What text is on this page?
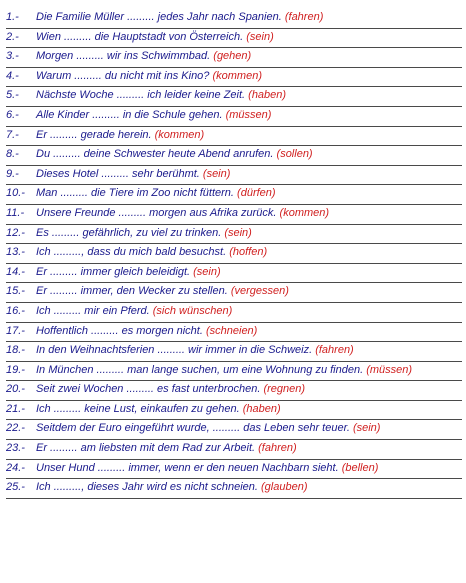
1.-	Die Familie Müller ......... jedes Jahr nach Spanien. (fahren)
2.-	Wien ......... die Hauptstadt von Österreich. (sein)
3.-	Morgen ......... wir ins Schwimmbad. (gehen)
4.-	Warum ......... du nicht mit ins Kino? (kommen)
5.-	Nächste Woche ......... ich leider keine Zeit. (haben)
6.-	Alle Kinder ......... in die Schule gehen. (müssen)
7.-	Er ......... gerade herein. (kommen)
8.-	Du ......... deine Schwester heute Abend anrufen. (sollen)
9.-	Dieses Hotel ......... sehr berühmt. (sein)
10.-	Man ......... die Tiere im Zoo nicht füttern. (dürfen)
11.-	Unsere Freunde ......... morgen aus Afrika zurück. (kommen)
12.-	Es ......... gefährlich, zu viel zu trinken. (sein)
13.-	Ich ........., dass du mich bald besuchst. (hoffen)
14.-	Er ......... immer gleich beleidigt. (sein)
15.-	Er ......... immer, den Wecker zu stellen. (vergessen)
16.-	Ich ......... mir ein Pferd. (sich wünschen)
17.-	Hoffentlich ......... es morgen nicht. (schneien)
18.-	In den Weihnachtsferien ......... wir immer in die Schweiz. (fahren)
19.-	In München ......... man lange suchen, um eine Wohnung zu finden. (müssen)
20.-	Seit zwei Wochen ......... es fast unterbrochen. (regnen)
21.-	Ich ......... keine Lust, einkaufen zu gehen. (haben)
22.-	Seitdem der Euro eingeführt wurde, ......... das Leben sehr teuer. (sein)
23.-	Er ......... am liebsten mit dem Rad zur Arbeit. (fahren)
24.-	Unser Hund ......... immer, wenn er den neuen Nachbarn sieht. (bellen)
25.-	Ich ........., dieses Jahr wird es nicht schneien. (glauben)
